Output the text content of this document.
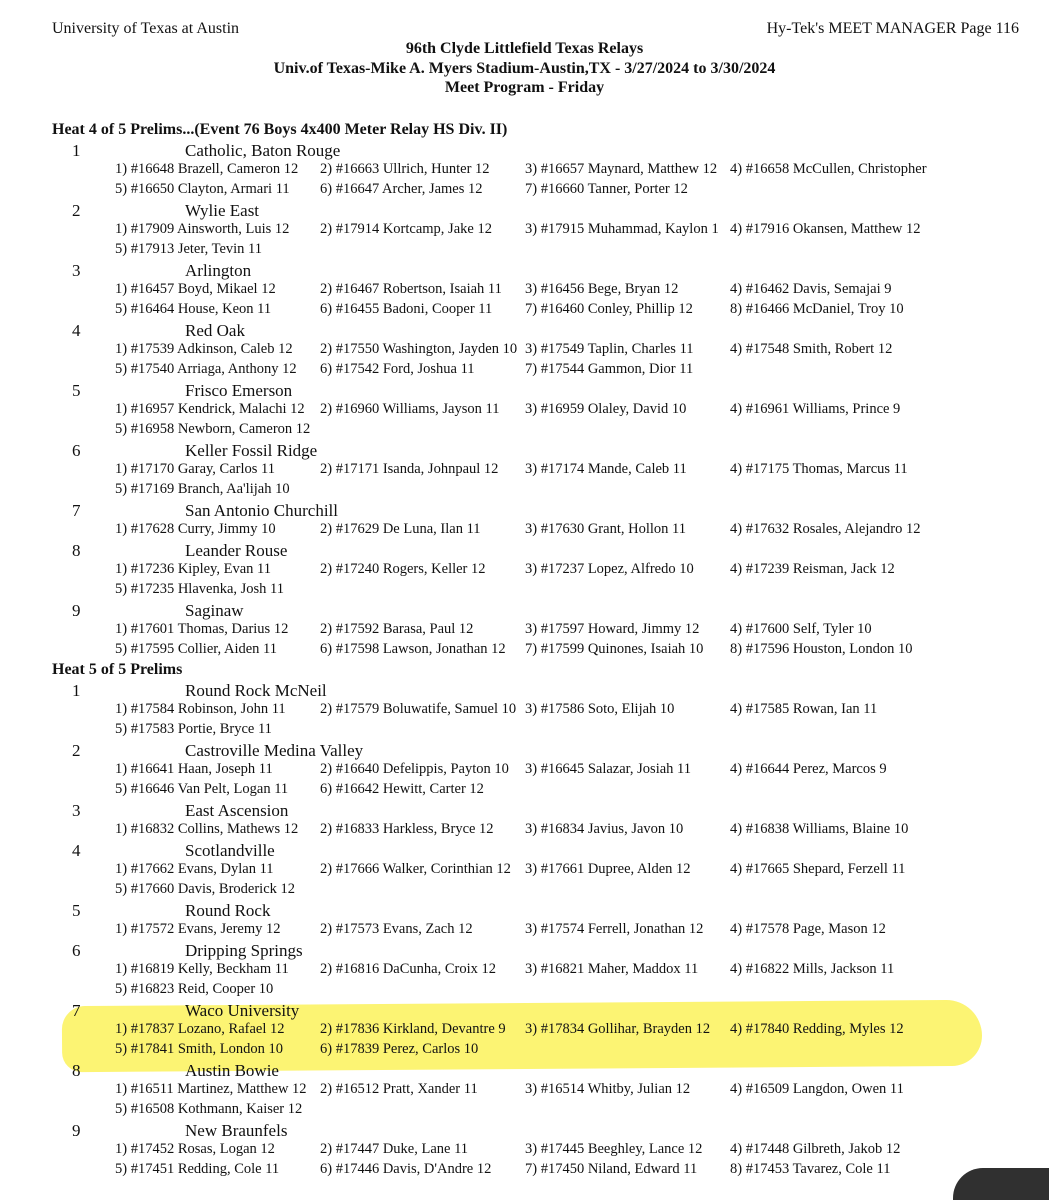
University of Texas at Austin	Hy-Tek's MEET MANAGER Page 116
96th Clyde Littlefield Texas Relays
Univ.of Texas-Mike A. Myers Stadium-Austin,TX - 3/27/2024 to 3/30/2024
Meet Program - Friday
Heat 4 of 5 Prelims...(Event 76 Boys 4x400 Meter Relay HS Div. II)
1	Catholic, Baton Rouge
1) #16648 Brazell, Cameron 12 2) #16663 Ullrich, Hunter 12 3) #16657 Maynard, Matthew 12 4) #16658 McCullen, Christopher
5) #16650 Clayton, Armari 11 6) #16647 Archer, James 12	7) #16660 Tanner, Porter 12
2	Wylie East
1) #17909 Ainsworth, Luis 12 2) #17914 Kortcamp, Jake 12 3) #17915 Muhammad, Kaylon 1 4) #17916 Okansen, Matthew 12
5) #17913 Jeter, Tevin 11
3	Arlington
1) #16457 Boyd, Mikael 12	2) #16467 Robertson, Isaiah 11 3) #16456 Bege, Bryan 12	4) #16462 Davis, Semajai 9
5) #16464 House, Keon 11	6) #16455 Badoni, Cooper 11 7) #16460 Conley, Phillip 12	8) #16466 McDaniel, Troy 10
4	Red Oak
1) #17539 Adkinson, Caleb 12 2) #17550 Washington, Jayden 10 3) #17549 Taplin, Charles 11	4) #17548 Smith, Robert 12
5) #17540 Arriaga, Anthony 12 6) #17542 Ford, Joshua 11	7) #17544 Gammon, Dior 11
5	Frisco Emerson
1) #16957 Kendrick, Malachi 12 2) #16960 Williams, Jayson 11 3) #16959 Olaley, David 10	4) #16961 Williams, Prince 9
5) #16958 Newborn, Cameron 12
6	Keller Fossil Ridge
1) #17170 Garay, Carlos 11	2) #17171 Isanda, Johnpaul 12 3) #17174 Mande, Caleb 11	4) #17175 Thomas, Marcus 11
5) #17169 Branch, Aa'lijah 10
7	San Antonio Churchill
1) #17628 Curry, Jimmy 10	2) #17629 De Luna, Ilan 11	3) #17630 Grant, Hollon 11	4) #17632 Rosales, Alejandro 12
8	Leander Rouse
1) #17236 Kipley, Evan 11	2) #17240 Rogers, Keller 12	3) #17237 Lopez, Alfredo 10	4) #17239 Reisman, Jack 12
5) #17235 Hlavenka, Josh 11
9	Saginaw
1) #17601 Thomas, Darius 12 2) #17592 Barasa, Paul 12	3) #17597 Howard, Jimmy 12 4) #17600 Self, Tyler 10
5) #17595 Collier, Aiden 11	6) #17598 Lawson, Jonathan 12 7) #17599 Quinones, Isaiah 10 8) #17596 Houston, London 10
Heat 5 of 5 Prelims
1	Round Rock McNeil
1) #17584 Robinson, John 11 2) #17579 Boluwatife, Samuel 10 3) #17586 Soto, Elijah 10	4) #17585 Rowan, Ian 11
5) #17583 Portie, Bryce 11
2	Castroville Medina Valley
1) #16641 Haan, Joseph 11	2) #16640 Defelippis, Payton 10 3) #16645 Salazar, Josiah 11	4) #16644 Perez, Marcos 9
5) #16646 Van Pelt, Logan 11 6) #16642 Hewitt, Carter 12
3	East Ascension
1) #16832 Collins, Mathews 12 2) #16833 Harkless, Bryce 12 3) #16834 Javius, Javon 10	4) #16838 Williams, Blaine 10
4	Scotlandville
1) #17662 Evans, Dylan 11	2) #17666 Walker, Corinthian 12 3) #17661 Dupree, Alden 12	4) #17665 Shepard, Ferzell 11
5) #17660 Davis, Broderick 12
5	Round Rock
1) #17572 Evans, Jeremy 12	2) #17573 Evans, Zach 12	3) #17574 Ferrell, Jonathan 12 4) #17578 Page, Mason 12
6	Dripping Springs
1) #16819 Kelly, Beckham 11 2) #16816 DaCunha, Croix 12 3) #16821 Maher, Maddox 11 4) #16822 Mills, Jackson 11
5) #16823 Reid, Cooper 10
7	Waco University
1) #17837 Lozano, Rafael 12 2) #17836 Kirkland, Devantre 9 3) #17834 Gollihar, Brayden 12 4) #17840 Redding, Myles 12
5) #17841 Smith, London 10	6) #17839 Perez, Carlos 10
8	Austin Bowie
1) #16511 Martinez, Matthew 12 2) #16512 Pratt, Xander 11	3) #16514 Whitby, Julian 12	4) #16509 Langdon, Owen 11
5) #16508 Kothmann, Kaiser 12
9	New Braunfels
1) #17452 Rosas, Logan 12	2) #17447 Duke, Lane 11	3) #17445 Beeghley, Lance 12 4) #17448 Gilbreth, Jakob 12
5) #17451 Redding, Cole 11	6) #17446 Davis, D'Andre 12 7) #17450 Niland, Edward 11 8) #17453 Tavarez, Cole 11
